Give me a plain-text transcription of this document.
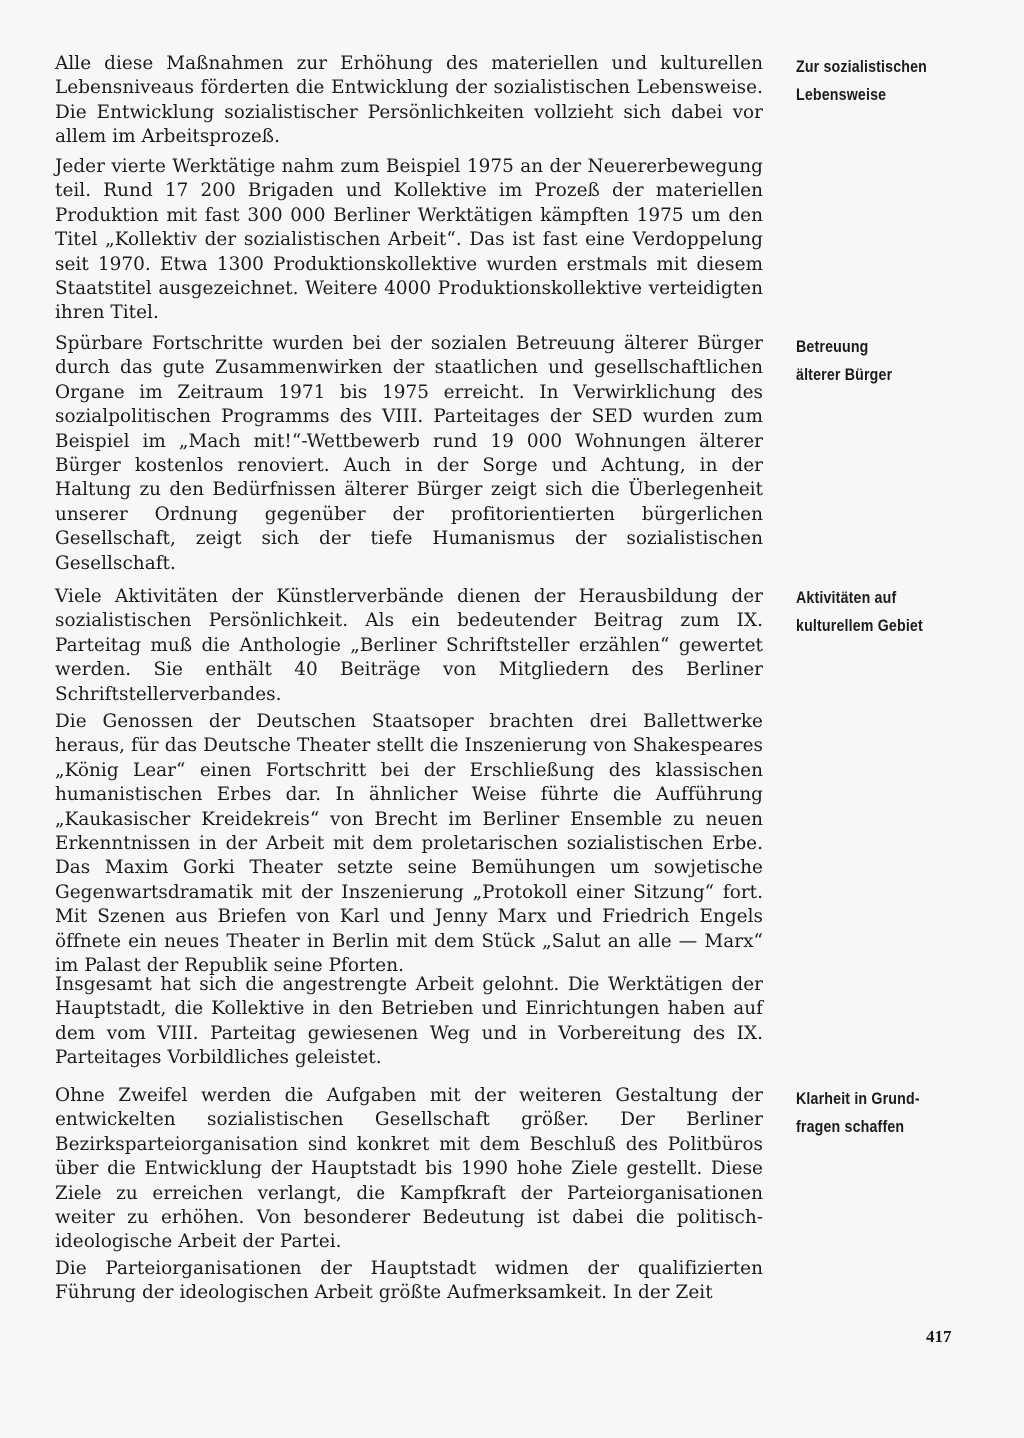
Alle diese Maßnahmen zur Erhöhung des materiellen und kulturellen Lebensniveaus förderten die Entwicklung der sozialistischen Lebensweise. Die Entwicklung sozialistischer Persönlichkeiten vollzieht sich dabei vor allem im Arbeitsprozeß.

Jeder vierte Werktätige nahm zum Beispiel 1975 an der Neuererbewegung teil. Rund 17 200 Brigaden und Kollektive im Prozeß der materiellen Produktion mit fast 300 000 Berliner Werktätigen kämpften 1975 um den Titel „Kollektiv der sozialistischen Arbeit“. Das ist fast eine Verdoppelung seit 1970. Etwa 1300 Produktionskollektive wurden erstmals mit diesem Staatstitel ausgezeichnet. Weitere 4000 Produktionskollektive verteidigten ihren Titel.

Spürbare Fortschritte wurden bei der sozialen Betreuung älterer Bürger durch das gute Zusammenwirken der staatlichen und gesellschaftlichen Organe im Zeitraum 1971 bis 1975 erreicht. In Verwirklichung des sozialpolitischen Programms des VIII. Parteitages der SED wurden zum Beispiel im „Mach mit!“-Wettbewerb rund 19 000 Wohnungen älterer Bürger kostenlos renoviert. Auch in der Sorge und Achtung, in der Haltung zu den Bedürfnissen älterer Bürger zeigt sich die Überlegenheit unserer Ordnung gegenüber der profitorientierten bürgerlichen Gesellschaft, zeigt sich der tiefe Humanismus der sozialistischen Gesellschaft.

Viele Aktivitäten der Künstlerverbände dienen der Herausbildung der sozialistischen Persönlichkeit. Als ein bedeutender Beitrag zum IX. Parteitag muß die Anthologie „Berliner Schriftsteller erzählen“ gewertet werden. Sie enthält 40 Beiträge von Mitgliedern des Berliner Schriftstellerverbandes.

Die Genossen der Deutschen Staatsoper brachten drei Ballettwerke heraus, für das Deutsche Theater stellt die Inszenierung von Shakespeares „König Lear“ einen Fortschritt bei der Erschließung des klassischen humanistischen Erbes dar. In ähnlicher Weise führte die Aufführung „Kaukasischer Kreidekreis“ von Brecht im Berliner Ensemble zu neuen Erkenntnissen in der Arbeit mit dem proletarischen sozialistischen Erbe. Das Maxim Gorki Theater setzte seine Bemühungen um sowjetische Gegenwartsdramatik mit der Inszenierung „Protokoll einer Sitzung“ fort. Mit Szenen aus Briefen von Karl und Jenny Marx und Friedrich Engels öffnete ein neues Theater in Berlin mit dem Stück „Salut an alle — Marx“ im Palast der Republik seine Pforten.

Insgesamt hat sich die angestrengte Arbeit gelohnt. Die Werktätigen der Hauptstadt, die Kollektive in den Betrieben und Einrichtungen haben auf dem vom VIII. Parteitag gewiesenen Weg und in Vorbereitung des IX. Parteitages Vorbildliches geleistet.

Ohne Zweifel werden die Aufgaben mit der weiteren Gestaltung der entwickelten sozialistischen Gesellschaft größer. Der Berliner Bezirksparteiorganisation sind konkret mit dem Beschluß des Politbüros über die Entwicklung der Hauptstadt bis 1990 hohe Ziele gestellt. Diese Ziele zu erreichen verlangt, die Kampfkraft der Parteiorganisationen weiter zu erhöhen. Von besonderer Bedeutung ist dabei die politisch-ideologische Arbeit der Partei.

Die Parteiorganisationen der Hauptstadt widmen der qualifizierten Führung der ideologischen Arbeit größte Aufmerksamkeit. In der Zeit

Zur sozialistischen
Lebensweise

Betreuung
älterer Bürger

Aktivitäten auf
kulturellem Gebiet

Klarheit in Grund-
fragen schaffen

417
